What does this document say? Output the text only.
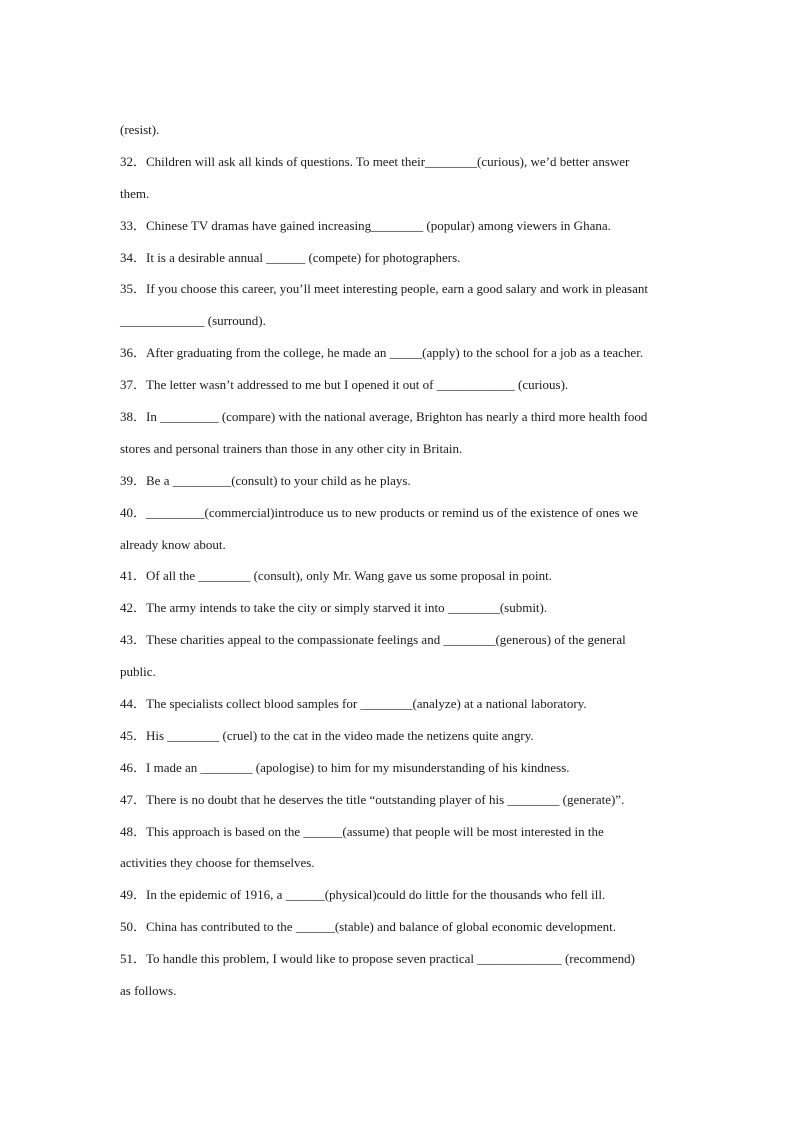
(resist).
32．Children will ask all kinds of questions. To meet their________(curious), we’d better answer
them.
33．Chinese TV dramas have gained increasing________ (popular) among viewers in Ghana.
34．It is a desirable annual ______ (compete) for photographers.
35．If you choose this career, you’ll meet interesting people, earn a good salary and work in pleasant
_____________ (surround).
36．After graduating from the college, he made an _____(apply) to the school for a job as a teacher.
37．The letter wasn’t addressed to me but I opened it out of ____________ (curious).
38．In _________ (compare) with the national average, Brighton has nearly a third more health food
stores and personal trainers than those in any other city in Britain.
39．Be a _________(consult) to your child as he plays.
40．_________(commercial)introduce us to new products or remind us of the existence of ones we
already know about.
41．Of all the ________ (consult), only Mr. Wang gave us some proposal in point.
42．The army intends to take the city or simply starved it into ________(submit).
43．These charities appeal to the compassionate feelings and ________(generous) of the general
public.
44．The specialists collect blood samples for ________(analyze) at a national laboratory.
45．His ________ (cruel) to the cat in the video made the netizens quite angry.
46．I made an ________ (apologise) to him for my misunderstanding of his kindness.
47．There is no doubt that he deserves the title “outstanding player of his ________ (generate)”.
48．This approach is based on the ______(assume) that people will be most interested in the
activities they choose for themselves.
49．In the epidemic of 1916, a ______(physical)could do little for the thousands who fell ill.
50．China has contributed to the ______(stable) and balance of global economic development.
51．To handle this problem, I would like to propose seven practical _____________ (recommend)
as follows.
